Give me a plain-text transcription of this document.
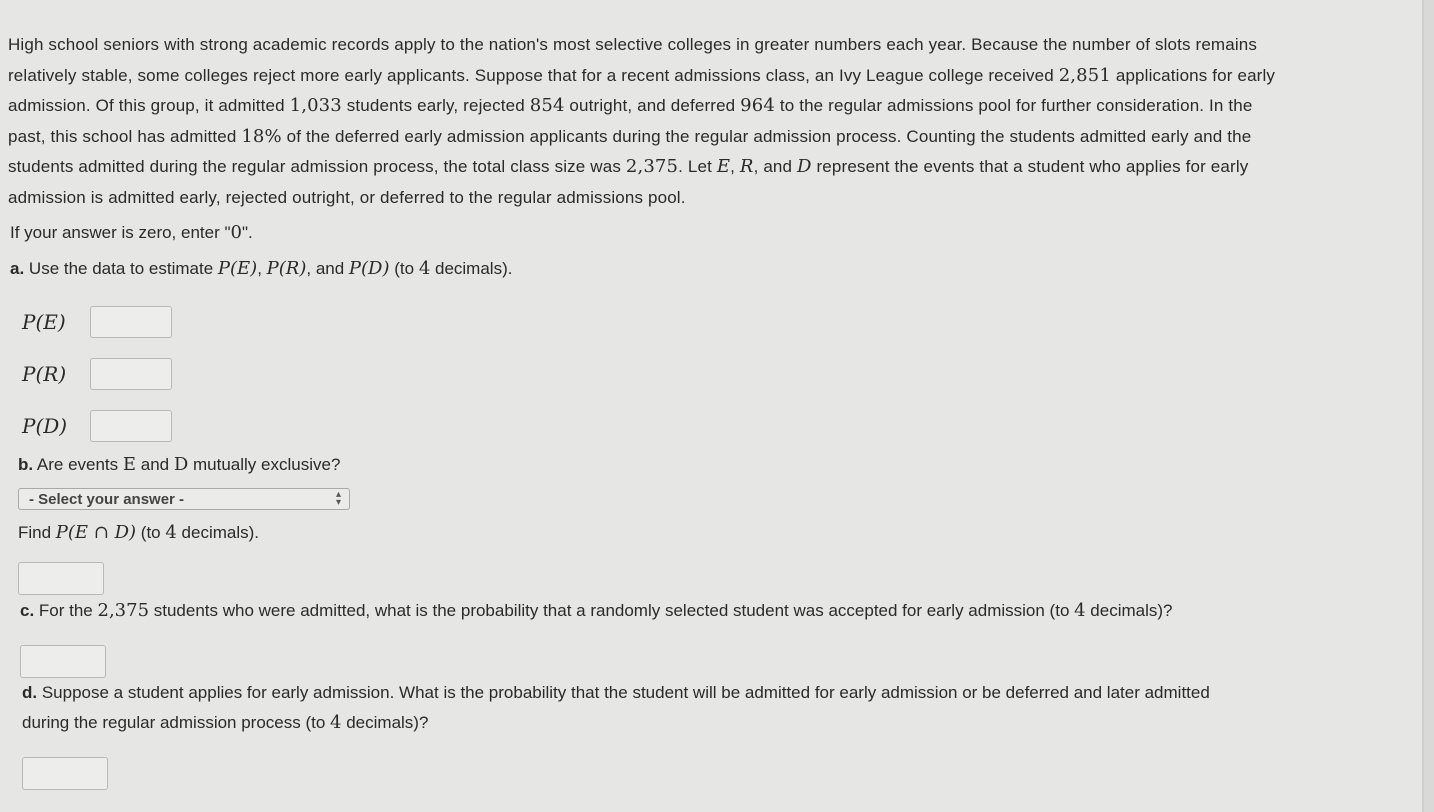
High school seniors with strong academic records apply to the nation's most selective colleges in greater numbers each year. Because the number of slots remains
relatively stable, some colleges reject more early applicants. Suppose that for a recent admissions class, an Ivy League college received 2,851 applications for early
admission. Of this group, it admitted 1,033 students early, rejected 854 outright, and deferred 964 to the regular admissions pool for further consideration. In the
past, this school has admitted 18% of the deferred early admission applicants during the regular admission process. Counting the students admitted early and the
students admitted during the regular admission process, the total class size was 2,375. Let E, R, and D represent the events that a student who applies for early
admission is admitted early, rejected outright, or deferred to the regular admissions pool.
If your answer is zero, enter "0".
a. Use the data to estimate P(E), P(R), and P(D) (to 4 decimals).
P(E)
P(R)
P(D)
b. Are events E and D mutually exclusive?
- Select your answer -	▴
▾
Find P(E ∩ D) (to 4 decimals).
c. For the 2,375 students who were admitted, what is the probability that a randomly selected student was accepted for early admission (to 4 decimals)?
d. Suppose a student applies for early admission. What is the probability that the student will be admitted for early admission or be deferred and later admitted
during the regular admission process (to 4 decimals)?
